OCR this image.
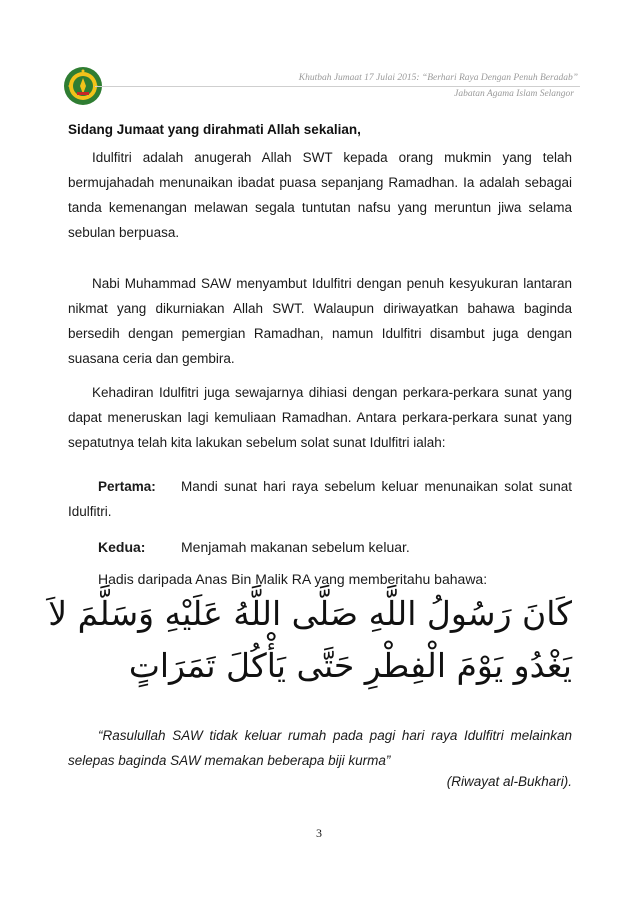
Khutbah Jumaat 17 Julai 2015: “Berhari Raya Dengan Penuh Beradab”
Jabatan Agama Islam Selangor
Sidang Jumaat yang dirahmati Allah sekalian,
Idulfitri adalah anugerah Allah SWT kepada orang mukmin yang telah bermujahadah menunaikan ibadat puasa sepanjang Ramadhan. Ia adalah sebagai tanda kemenangan melawan segala tuntutan nafsu yang meruntun jiwa selama sebulan berpuasa.
Nabi Muhammad SAW menyambut Idulfitri dengan penuh kesyukuran lantaran nikmat yang dikurniakan Allah SWT. Walaupun diriwayatkan bahawa baginda bersedih dengan pemergian Ramadhan, namun Idulfitri disambut juga dengan suasana ceria dan gembira.
Kehadiran Idulfitri juga sewajarnya dihiasi dengan perkara-perkara sunat yang dapat meneruskan lagi kemuliaan Ramadhan. Antara perkara-perkara sunat yang sepatutnya telah kita lakukan sebelum solat sunat Idulfitri ialah:
Pertama:	Mandi sunat hari raya sebelum keluar menunaikan solat sunat Idulfitri.
Kedua:	Menjamah makanan sebelum keluar.
Hadis daripada Anas Bin Malik RA yang memberitahu bahawa:
كَانَ رَسُولُ اللَّهِ صَلَّى اللَّهُ عَلَيْهِ وَسَلَّمَ لاَ
يَغْدُو يَوْمَ الْفِطْرِ حَتَّى يَأْكُلَ تَمَرَاتٍ
“Rasulullah SAW tidak keluar rumah pada pagi hari raya Idulfitri melainkan selepas baginda SAW memakan beberapa biji kurma”
(Riwayat al-Bukhari).
3
